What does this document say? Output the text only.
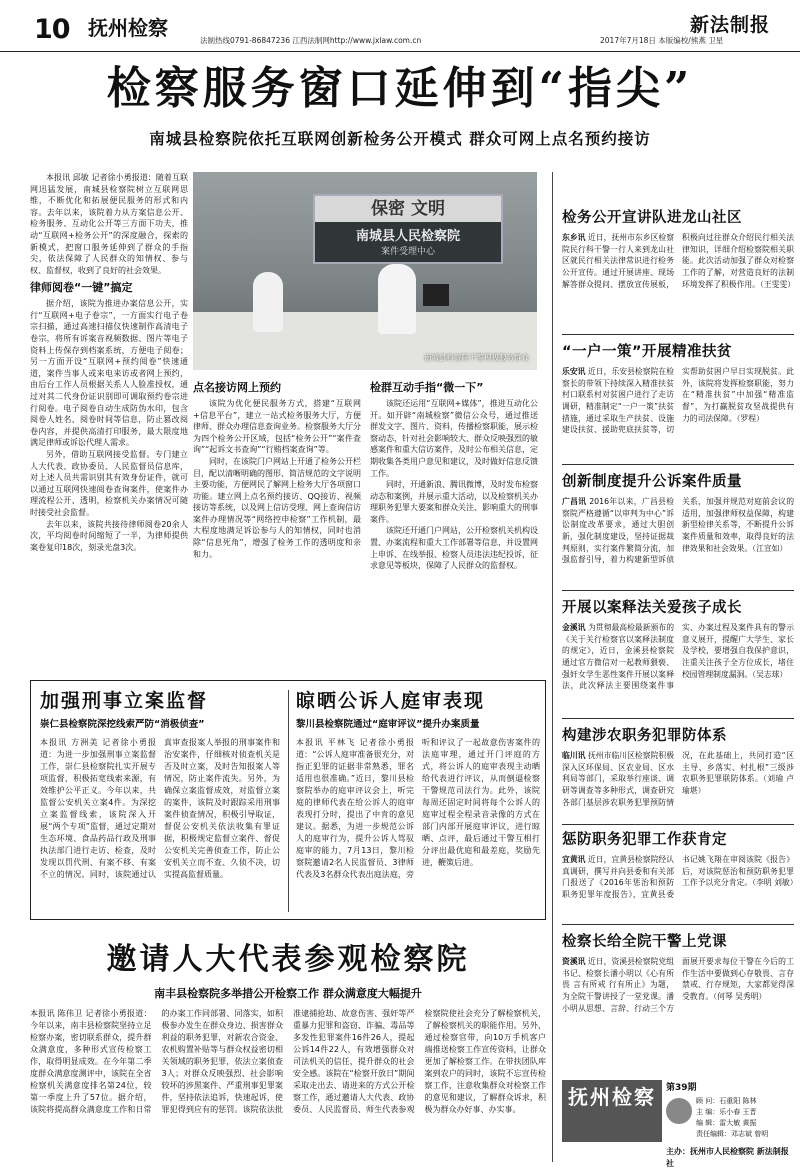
10 抚州检察
法制热线0791-86847236 江西法制网http://www.jxlaw.com.cn	2017年7月18日 本版编校/熊燕 卫星
新法制报
检察服务窗口延伸到“指尖”
南城县检察院依托互联网创新检务公开模式 群众可网上点名预约接访

本报讯 邱敏 记者徐小勇报道：随着互联网迅猛发展，南城县检察院树立互联网思维，不断优化和拓展便民服务的形式和内容。去年以来，该院着力从方案信息公开、检务服务、互动化公开等三方面下功夫，推动“互联网+检务公开”的深度融合，探索的新模式，把窗口服务延伸到了群众的手指尖，依法保障了人民群众的知情权、参与权、监督权，收到了良好的社会效果。

律师阅卷“一键”搞定

据介绍，该院为推进办案信息公开，实行“互联网+电子卷宗”，一方面实行电子卷宗扫描，通过高速扫描仪快速制作高清电子卷宗，将所有诉案音视频数据、图片等电子资料上传保存到档案系统，方便电子阅卷；另一方面开设“互联网+预约阅卷”快速通道，案件当事人或来电来访或者网上预约，由后台工作人员根据关系人人脸准授权，通过对其二代身份证识别即可调取预约卷宗进行阅卷。电子阅卷自动生成防伪水印，包含阅卷人姓名、阅卷时间等信息，防止篡改阅卷内容，并提供高清打印服务，最大限度地满足律师或诉讼代理人需求。

另外，借助互联网接受监督。专门建立人大代表、政协委员、人民监督员信息库，对上述人员共需识别其有效身份证件，就可以通过互联网快速阅卷查询案件，使案件办理流程公开、透明，检察机关办案情况可随时接受社会监督。

去年以来，该院共接待律师阅卷20余人次，平均阅卷时间缩短了一半，为律师提供案卷复印18次，刻录光盘3次。

保密 文明
南城县人民检察院
案件受理中心
南城县检察院干警积极服务群众
点名接访网上预约

该院为优化便民服务方式，搭建“互联网+信息平台”，建立一站式检务服务大厅，方便律师、群众办理信息查询业务。检察服务大厅分为四个检务公开区域，包括“检务公开”“案件查询”“起诉文书查询”“行贿档案查询”等。

同时，在该院门户网站上开通了检务公开栏目，配以清晰明确的图形、简洁规范的文字说明主要功能，方便网民了解网上检务大厅各项窗口功能。建立网上点名预约接访、QQ接访、视频接访等系统，以及网上信访受理、网上查询信访案件办理情况等“网络控申检察”工作机制，最大程度地满足诉讼参与人的知情权，同时也消除“信息死角”，增强了检务工作的透明度和亲和力。

检群互动手指“微一下”

该院还运用“互联网+媒体”，推进互动化公开。如开辟“南城检察”微信公众号，通过推送群发文字、图片、资料，传播检察职能，展示检察动态，针对社会影响较大、群众反映强烈的敏感案件和重大信访案件，及时公布相关信息，定期收集各类用户意见和建议，及时做好信息反馈工作。

同时，开通新浪、腾讯微博，及时发布检察动态和案例，并展示重大活动，以及检察机关办理职务犯罪大要案和群众关注、影响重大的刑事案件。

该院还开通门户网站，公开检察机关机构设置、办案流程和重大工作部署等信息，并设置网上申诉、在线举报、检察人员违法违纪投诉，征求意见等板块，保障了人民群众的监督权。

检务公开宣讲队进龙山社区
东乡讯 近日，抚州市东乡区检察院民行科干警一行人来到龙山社区就民行相关法律常识进行检务公开宣传。通过开展讲座、现场解答群众提问、摆放宣传展板，积极向过往群众介绍民行相关法律知识，详细介绍检察院相关职能。此次活动加强了群众对检察工作的了解，对营造良好的法制环境发挥了积极作用。（王雯雯）
“一户一策”开展精准扶贫
乐安讯 近日，乐安县检察院在检察长的带领下持续深入精准扶贫村口联系村对贫困户进行了走访调研，精准制定“一户一策”扶贫措施，通过采取生产扶贫、设施建设扶贫、援助兜底扶贫等，切实帮助贫困户早日实现脱贫。此外，该院将发挥检察职能，努力在“精准扶贫”中加强“精准监督”，为打赢脱贫攻坚战提供有力的司法保障。（罗程）
创新制度提升公诉案件质量
广昌讯 2016年以来，广昌县检察院严格遵循“以审判为中心”诉讼制度改革要求，通过大胆创新，强化制度建设，坚持证据裁判原则，实行案件繁简分流，加强监督引导，着力构建新型诉侦关系，加强并规范对庭前会议的适用，加强律师权益保障，构建新型检律关系等，不断提升公诉案件质量和效率，取得良好的法律效果和社会效果。（江宣如）
开展以案释法关爱孩子成长
金溪讯 为贯彻最高检最新颁布的《关于关行检察官以案释法制度的规定》，近日，金溪县检察院通过官方微信对一起教师猥亵、强奸女学生恶性案件开展以案释法，此次释法主要围绕案件事实、办案过程及案件具有的警示意义展开，提醒广大学生、家长及学校，要增强自我保护意识，注重关注孩子全方位成长，堵住校园管理制度漏洞。（吴志球）
构建涉农职务犯罪防体系
临川讯 抚州市临川区检察院积极深入区环保局、区农业局、区水利局等部门，采取举行座谈、调研等调查等多种形式，调查研究各部门基层涉农职务犯罪预防情况，在此基础上，共同打造“区主导、乡落实、村扎根”三级涉农职务犯罪联防体系。（刘瑜 卢瑜堪）
惩防职务犯罪工作获肯定
宜黄讯 近日，宜黄县检察院经认真调研，撰写并向县委和有关部门报送了《2016年惩治和预防职务犯罪年度报告》，宜黄县委书记姚飞翔在审阅该院《报告》后，对该院惩治和预防职务犯罪工作予以充分肯定。（李明 刘敏）
检察长给全院干警上党课
资溪讯 近日，资溪县检察院党组书记、检察长潘小明以《心有所畏 言有所戒 行有所止》为题，为全院干警讲授了一堂党课。潘小明从思想、言辞、行动三个方面展开要求每位干警在今后的工作生活中要做到心存敬畏、言存禁戒、行存规矩，大家都觉得深受教育。（何琴 吴秀明）
加强刑事立案监督
崇仁县检察院深挖线索严防“消极侦查”
本报讯 方洲美 记者徐小勇报道：为进一步加强刑事立案监督工作，崇仁县检察院扎实开展专项监督，积极拓宽线索来源，有效维护公平正义。今年以来，共监督公安机关立案4件。为深挖立案监督线索，该院深入开展“两个专项”监督，通过定期对生态环境、食品药品行政及刑事执法部门进行走访、检查，及时发现以罚代刑、有案不移、有案不立的情况。同时，该院通过认真审查报案人举报的刑事案件和治安案件，仔细核对侦查机关是否及时立案，及时告知报案人等情况，防止案件流失。另外，为确保立案监督成效，对监督立案的案件，该院及时跟踪采用刑事案件侦查情况，积极引导取证，督促公安机关依法收集有罪证据，积极规定监督立案件、督促公安机关完善侦查工作，防止公安机关立而不查、久侦不决，切实提高监督质量。
晾晒公诉人庭审表现
黎川县检察院通过“庭审评议”提升办案质量
本报讯 平林飞 记者徐小勇报道：“公诉人庭审准备很充分，对指正犯罪的证据非常熟悉，罪名适用也很准确。”近日，黎川县检察院举办的庭审评议会上，听完庭的律师代表在给公诉人的庭审表现打分时，提出了中肯的意见建议。据悉，为进一步规范公诉人的庭审行为，提升公诉人驾驭庭审的能力，7月13日，黎川检察院邀请2名人民监督员、3律师代表及3名群众代表出庭法庭，旁听和评议了一起故意伤害案件的法庭审理，通过开门评庭的方式，将公诉人的庭审表现主动晒给代表进行评议，从而倒逼检察干警规范司法行为。此外，该院每周还固定时间将每个公诉人的庭审过程全程录音录像的方式在部门内部开展庭审评议，进行晾晒、点评，最后通过干警互相打分评出最优庭和最差庭，奖励先进，鞭策后进。
邀请人大代表参观检察院
南丰县检察院多举措公开检察工作 群众满意度大幅提升
本报讯 陈伟卫 记者徐小勇报道：今年以来，南丰县检察院坚持立足检察办案，密切联系群众，提升群众满意度，多种形式宣传检察工作，取得明显成效。在今年第二季度群众满意度测评中，该院在全省检察机关满意度排名第24位，较第一季度上升了57位。据介绍，该院将提高群众满意度工作和日常的办案工作同部署、同落实，如积极参办发生在群众身边、损害群众利益的职务犯罪，对新农合资金、农机购置补贴等与群众权益密切相关领域的职务犯罪，依法立案侦查3人；对群众反映强烈、社会影响较坏的涉黑案件、严重刑事犯罪案件，坚持依法追诉，快速起诉，使罪犯得到应有的惩罚。该院依法批准逮捕抢劫、故意伤害、强奸等严重暴力犯罪和盗窃、诈骗、毒品等多发性犯罪案件16件26人，提起公诉14件22人，有效增强群众对司法机关的信任，提升群众的社会安全感。该院在“检察开放日”期间采取走出去、请进来的方式公开检察工作，通过邀请人大代表、政协委员、人民监督员、师生代表参观检察院使社会充分了解检察机关，了解检察机关的职能作用。另外，通过检察官带，向10万手机客户端推送检察工作宣传资料，让群众更加了解检察工作。在带扶团队库案到农户的同时，该院不忘宣传检察工作，注意收集群众对检察工作的意见和建议，了解群众诉求，积极为群众办好事、办实事。
抚州检察	第39期
顾 问：石重阳 陈林
主 编：乐小春 王晋
编 辑：雷大敏 黄振
责任编辑：邓志斌 曾明
主办：抚州市人民检察院 新法制报社
